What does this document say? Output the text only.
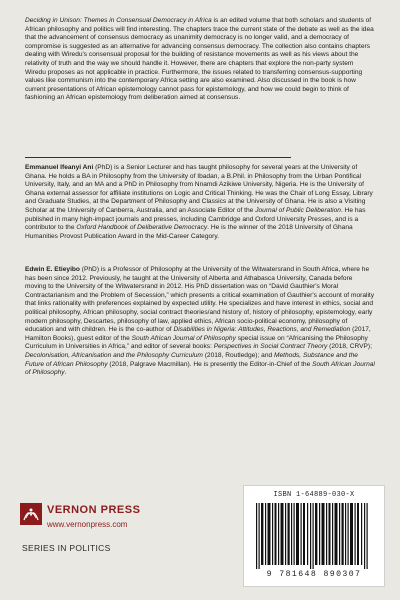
Deciding in Unison: Themes in Consensual Democracy in Africa is an edited volume that both scholars and students of African philosophy and politics will find interesting. The chapters trace the current state of the debate as well as the idea that the advancement of consensus democracy as unanimity democracy is no longer valid, and a democracy of compromise is suggested as an alternative for advancing consensus democracy. The collection also contains chapters dealing with Wiredu's consensual proposal for the building of resistance movements as well as his views about the relativity of truth and the way we should handle it. However, there are chapters that explore the non-party system Wiredu proposes as not applicable in practice. Furthermore, the issues related to transferring consensus-supporting values like communism into the contemporary Africa setting are also examined. Also discussed in the book is how current presentations of African epistemology cannot pass for epistemology, and how we could begin to think of fashioning an African epistemology from deliberation aimed at consensus.

Emmanuel Ifeanyi Ani (PhD) is a Senior Lecturer and has taught philosophy for several years at the University of Ghana. He holds a BA in Philosophy from the University of Ibadan, a B.Phil. in Philosophy from the Urban Pontifical University, Italy, and an MA and a PhD in Philosophy from Nnamdi Azikiwe University, Nigeria. He is the University of Ghana external assessor for affiliate institutions on Logic and Critical Thinking. He was the Chair of Long Essay, Library and Graduate Studies, at the Department of Philosophy and Classics at the University of Ghana. He is also a Visiting Scholar at the University of Canberra, Australia, and an Associate Editor of the Journal of Public Deliberation. He has published in many high-impact journals and presses, including Cambridge and Oxford University Presses, and is a contributor to the Oxford Handbook of Deliberative Democracy. He is the winner of the 2018 University of Ghana Humanities Provost Publication Award in the Mid-Career Category.

Edwin E. Etieyibo (PhD) is a Professor of Philosophy at the University of the Witwatersrand in South Africa, where he has been since 2012. Previously, he taught at the University of Alberta and Athabasca University, Canada before moving to the University of the Witwatersrand in 2012. His PhD dissertation was on “David Gauthier's Moral Contractarianism and the Problem of Secession,” which presents a critical examination of Gauthier's account of morality that links rationality with preferences explained by expected utility. He specializes and have interest in ethics, social and political philosophy, African philosophy, social contract theories/and history of, history of philosophy, epistemology, early modern philosophy, Descartes, philosophy of law, applied ethics, African socio-political economy, philosophy of education and with children. He is the co-author of Disabilities in Nigeria: Attitudes, Reactions, and Remediation (2017, Hamilton Books), guest editor of the South African Journal of Philosophy special issue on “Africanising the Philosophy Curriculum in Universities in Africa,” and editor of several books: Perspectives in Social Contract Theory (2018, CRVP); Decolonisation, Africanisation and the Philosophy Curriculum (2018, Routledge); and Methods, Substance and the Future of African Philosophy (2018, Palgrave Macmillan). He is presently the Editor-in-Chief of the South African Journal of Philosophy.

ISBN 1-64889-030-X
9 781648 890307
VERNON PRESS
www.vernonpress.com
SERIES IN POLITICS
